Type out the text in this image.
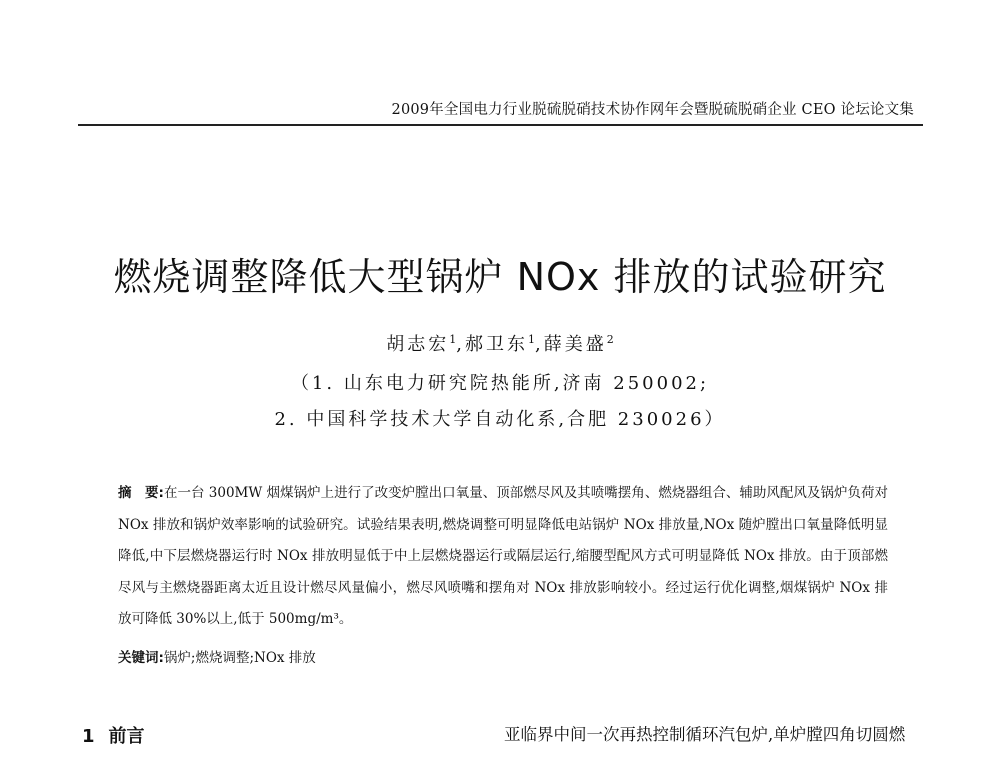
2009年全国电力行业脱硫脱硝技术协作网年会暨脱硫脱硝企业 CEO 论坛论文集
燃烧调整降低大型锅炉 NOx 排放的试验研究
胡志宏$^1$,郝卫东$^1$,薛美盛$^2$
（1. 山东电力研究院热能所,济南 250002;
2. 中国科学技术大学自动化系,合肥 230026）
摘　要:在一台 300MW 烟煤锅炉上进行了改变炉膛出口氧量、顶部燃尽风及其喷嘴摆角、燃烧器组合、辅助风配风及锅炉负荷对 NOx 排放和锅炉效率影响的试验研究。试验结果表明,燃烧调整可明显降低电站锅炉 NOx 排放量,NOx 随炉膛出口氧量降低明显降低,中下层燃烧器运行时 NOx 排放明显低于中上层燃烧器运行或隔层运行,缩腰型配风方式可明显降低 NOx 排放。由于顶部燃尽风与主燃烧器距离太近且设计燃尽风量偏小，燃尽风喷嘴和摆角对 NOx 排放影响较小。经过运行优化调整,烟煤锅炉 NOx 排放可降低 30%以上,低于 500mg/m³。
关键词:锅炉;燃烧调整;NOx 排放
1 前言	亚临界中间一次再热控制循环汽包炉,单炉膛四角切圆燃
